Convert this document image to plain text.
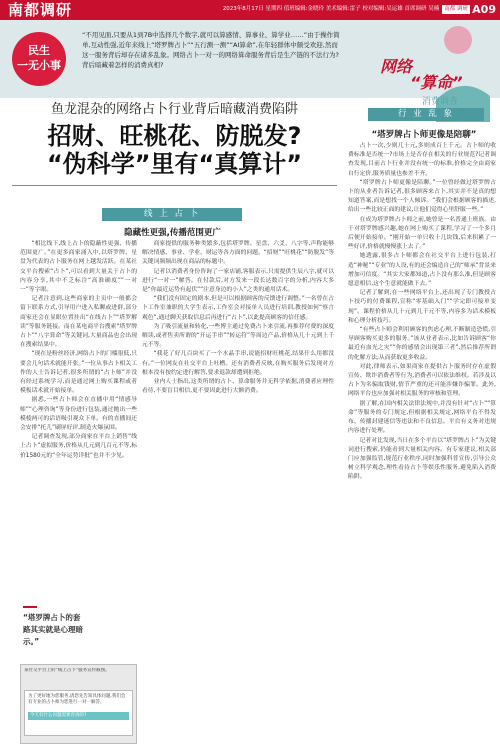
南都调研	2023年8月17日 星期四 值班编辑:金晓玲 美术编辑:雷子 校对编辑:吴运雄 首席调研 吴楠 南都 调研 A09
民生
一无小事
“不用见面,只要从1到7B中选择几个数字,就可以算感情、算事业、算学业……”由于操作简单,互动性强,近年来线上“塔罗牌占卜”“五行测一测”“AI算命”,在年轻群体中颇受欢迎,然而这一服务背后却存在诸多乱象。网络占卜一对一的网络算命服务背后是生产链的不法行为?背后暗藏着怎样的消费真相?	网络
“算命”
消费调查
鱼龙混杂的网络占卜行业背后暗藏消费陷阱
招财、旺桃花、防脱发?
“伪科学”里有“真算计”
线 上 占 卜
隐藏性更强,传播范围更广

“相比线下,线上占卜的隐蔽性更强、传播范围更广。”在更多商家涌入中,以塔罗牌、星盘为代表的占卜服务在网上越发活跃。在某社交平台搜索“占卜”,可以看到大量关于占卜的内容分享,其中不乏标注“高准确度”“一对一”等字眼。

记者注意到,这些商家的主页中一般都会留下联系方式,引导用户进入私聊或进群,部分商家还会在显眼位置挂出“在线占卜”“塔罗解读”等服务链接。而在某电商平台搜索“塔罗牌占卜”“八字算命”等关键词,大量商品也会出现在搜索结果中。

“现在是粉丝经济,网络占卜的门槛很低,只要会几句话术就能开张。”一位从事占卜相关工作的人士告诉记者,很多所谓的“占卜师”并没有经过系统学习,而是通过网上购买课程或者模板话术就开始接单。

据悉,一些占卜师会在直播中用“情感导师”“心理咨询”等身份进行包装,通过抛出一些模棱两可的话语吸引观众下单。有的直播间还会安排“托儿”刷屏好评,制造火爆氛围。

记者调查发现,部分商家在平台上销售“线上占卜”虚拟服务,价格从几元到几百元不等,标价1580元的“全年运势详批”也并不少见。

“塔罗牌占卜的套路其实就是心理暗示。”
某社交平台上的“线上占卜”服务宣传截图。
为了更好地为您服务,请您先告知具体问题,我们会有专业的占卜师为您进行一对一解答。
今天有什么问题需要咨询的?

商家提供的服务种类繁多,包括塔罗牌、星盘、六爻、八字等,声称能够解决情感、事业、学业、财运等各方面的问题。“招财”“旺桃花”“防脱发”等关键词频频出现在商品的标题中。

记者以消费者身份咨询了一家店铺,客服表示,只需提供生辰八字,就可以进行“一对一”解答。在付款后,对方发来一段长达数百字的分析,内容大多是“你最近运势有起伏”“注意身边的小人”之类的通用话术。

“我们没有固定的剧本,但是可以根据顾客的反馈进行调整。”一名曾在占卜工作室兼职的大学生表示,工作室会对接单人员进行培训,教授如何“察言观色”,通过聊天获取信息后再进行“占卜”,以此提高顾客的信任感。

为了吸引流量和转化,一些博主通过免费占卜来引流,再推荐付费的深度解读,或者售卖所谓的“开运手串”“转运符”等周边产品,价格从几十元到上千元不等。

“我花了好几百块买了一个水晶手串,说能招财旺桃花,结果什么用都没有。”一位网友在社交平台上吐槽。还有消费者反映,在购买服务后发现对方根本没有按约定进行解答,要求退款却遭到拒绝。

业内人士指出,这类所谓的占卜、算命服务并无科学依据,消费者应理性看待,不要盲目相信,更不要因此进行大额消费。

行 业 乱 象
“塔罗牌占卜师更像是陪聊”

占卜一次,少则几十元,多则成百上千元。占卜师的收费标准是否统一?市场上是否存在相关的行业规范?记者调查发现,目前占卜行业并没有统一的标准,价格完全由商家自行定价,服务质量也参差不齐。

“塔罗牌占卜师更像是陪聊。”一位曾经做过塔罗牌占卜的从业者告诉记者,很多顾客来占卜,其实并不是真的想知道答案,而是想找一个人倾诉。“我们会根据顾客的描述,给出一些比较正面的建议,让他们觉得心里舒服一些。”

在成为塔罗牌占卜师之前,她曾是一名普通上班族。由于对塔罗牌感兴趣,她在网上购买了课程,学习了一个多月后便开始接单。“刚开始一单只收十几块钱,后来积累了一些好评,价格就慢慢涨上去了。”

她透露,很多占卜师都会在社交平台上进行包装,打造“神秘”“专业”的人设,有的还会编造自己的“师承”背景来增加可信度。“其实大家都知道,占卜没有那么准,但是顾客愿意相信,这个生意就能做下去。”

记者了解到,在一些网络平台上,还出现了专门教授占卜技巧的付费课程,宣称“零基础入门”“学完即可接单变现”。课程价格从几十元到几千元不等,内容多为话术模板和心理分析技巧。

“有些占卜师会利用顾客的焦虑心理,不断制造恐慌,引导顾客购买更多的服务。”该从业者表示,比如告诉顾客“你最近有血光之灾”“你的感情会出现第三者”,然后推荐所谓的化解方法,从而获取更多收益。

对此,律师表示,如果商家在提供占卜服务时存在虚假宣传、欺诈消费者等行为,消费者可以依法维权。若涉及以占卜为名骗取钱财,情节严重的还可能涉嫌诈骗罪。此外,网络平台也应加强对相关服务的审核和管理。

据了解,在国内相关法律法规中,并没有针对“占卜”“算命”等服务的专门规定,但根据相关规定,网络平台不得发布、传播封建迷信等违法和不良信息。平台有义务对违规内容进行处理。

记者对比发现,当日在多个平台以“塔罗牌占卜”为关键词进行搜索,仍能看到大量相关内容。有专家建议,相关部门应加强监管,规范行业秩序,同时加强科普宣传,引导公众树立科学观念,理性看待占卜等娱乐性服务,避免陷入消费陷阱。
